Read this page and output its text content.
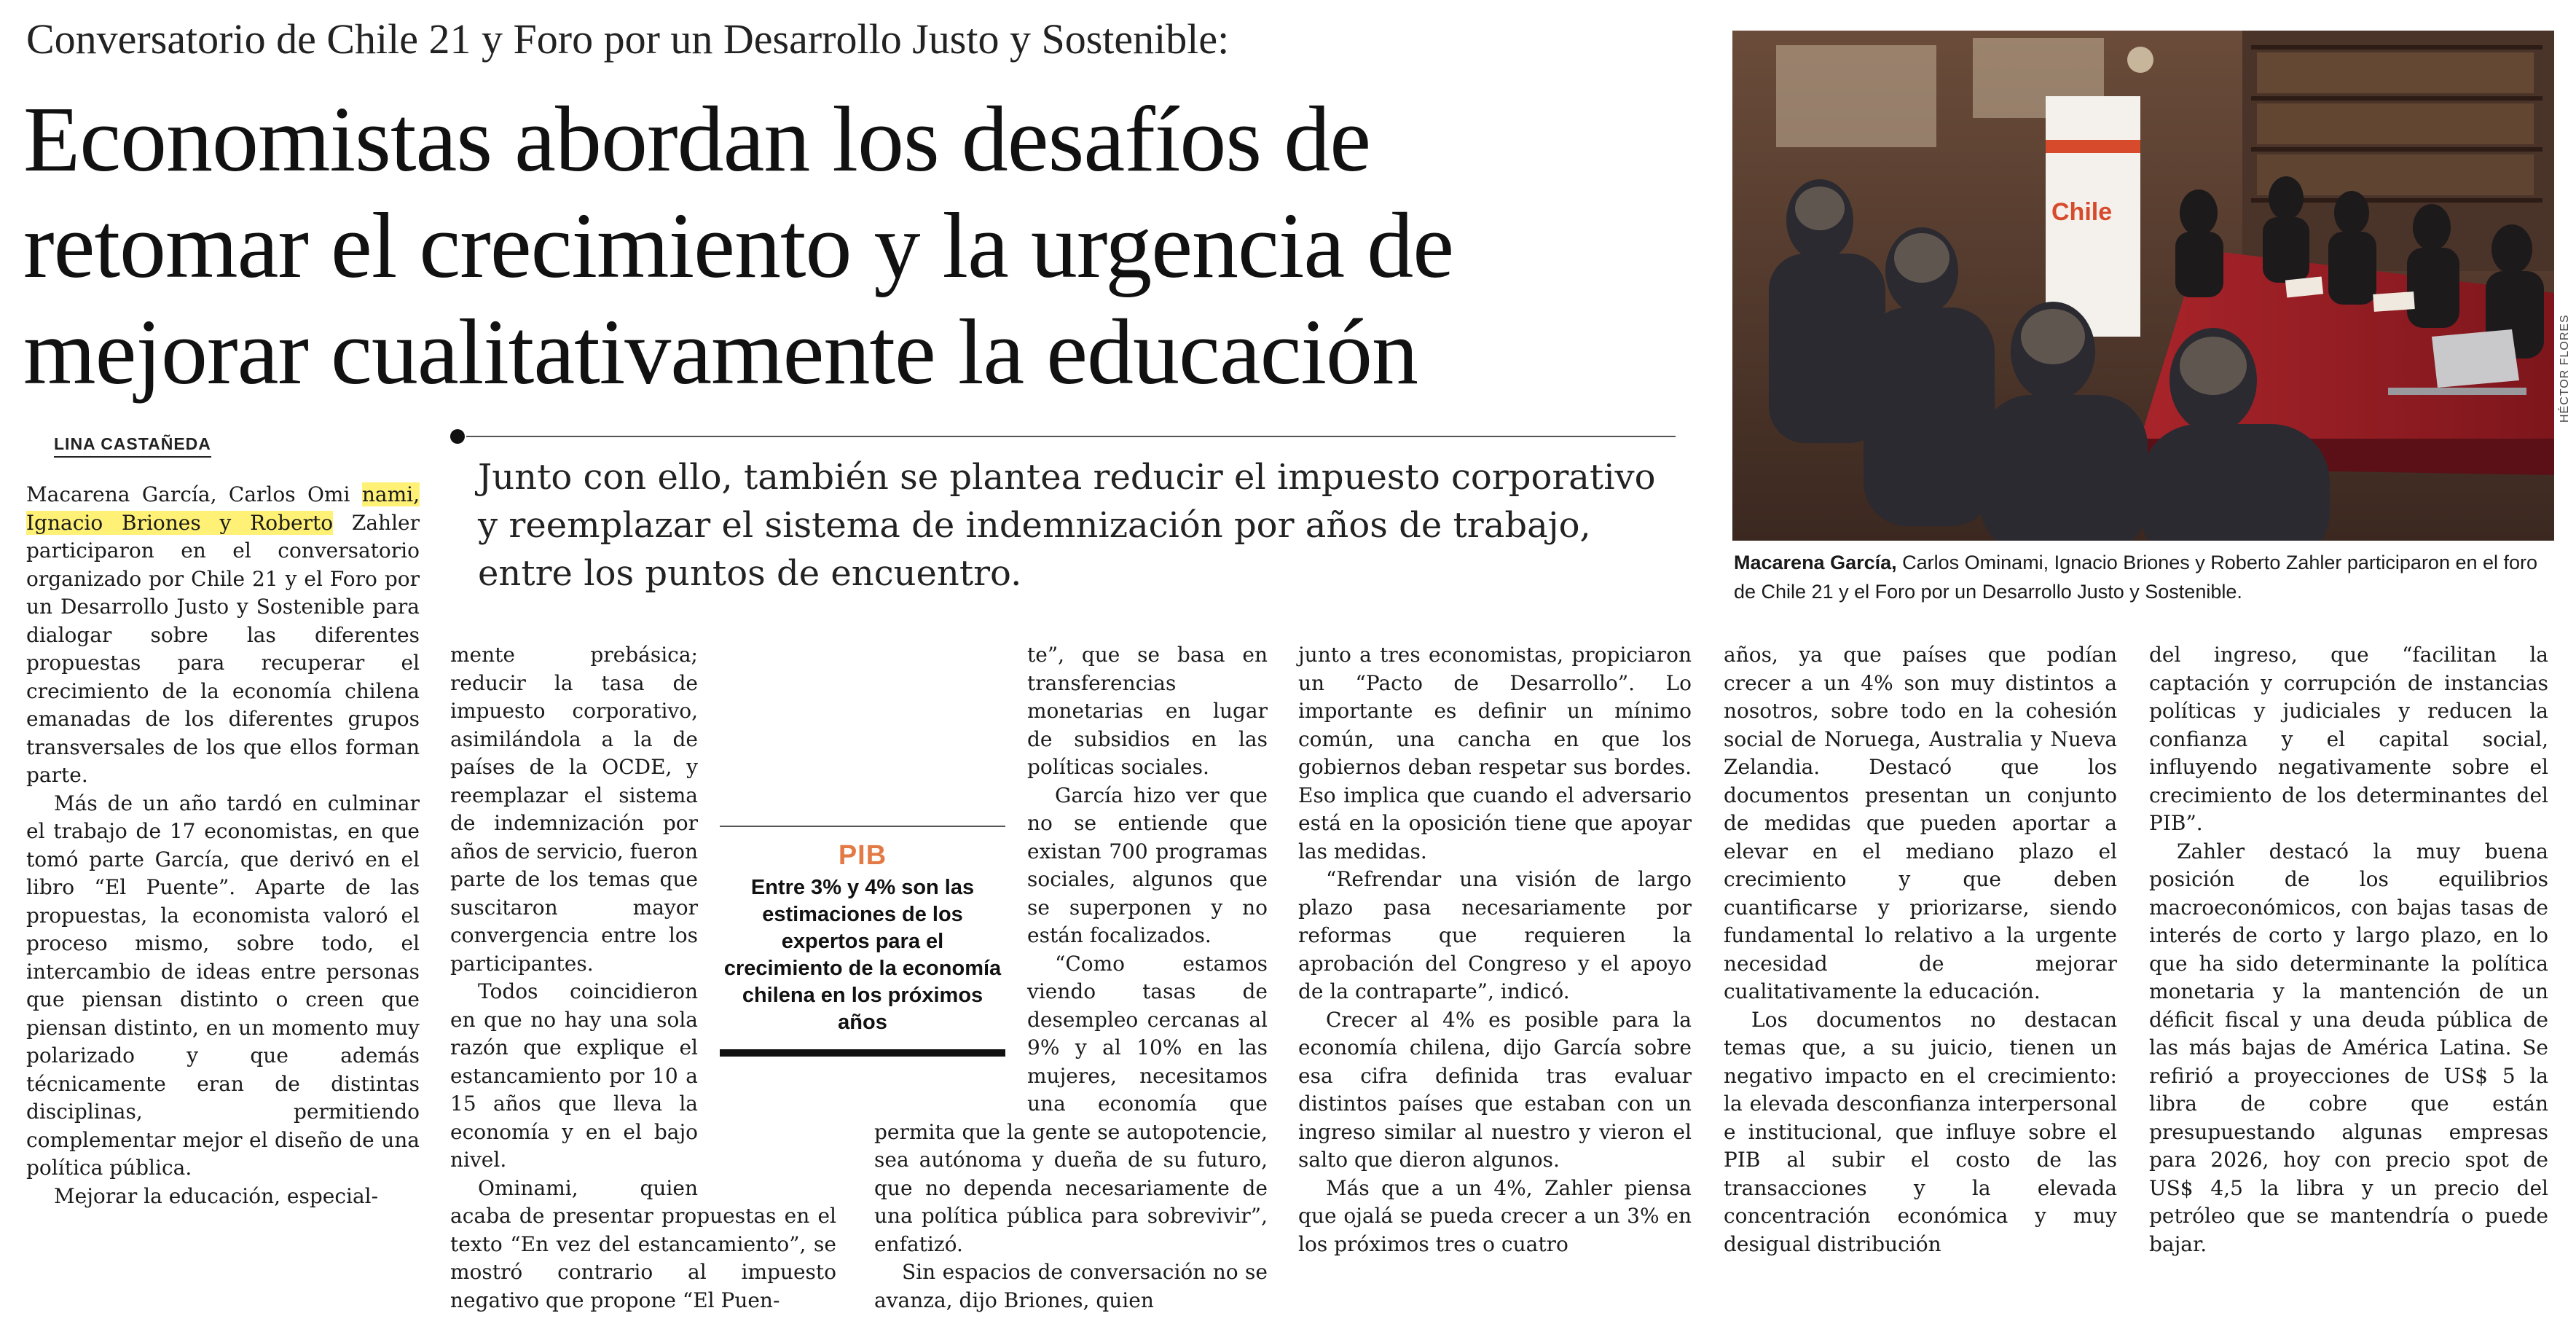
Conversatorio de Chile 21 y Foro por un Desarrollo Justo y Sostenible:
Economistas abordan los desafíos de
retomar el crecimiento y la urgencia de
mejorar cualitativamente la educación
LINA CASTAÑEDA
Junto con ello, también se plantea reducir el impuesto corporativo y reemplazar el sistema de indemnización por años de trabajo, entre los puntos de encuentro.

Macarena García, Carlos Omi nami, Ignacio Briones y Roberto Zahler participaron en el conversatorio organizado por Chile 21 y el Foro por un Desarrollo Justo y Sostenible para dialogar sobre las diferentes propuestas para recuperar el crecimiento de la economía chilena emanadas de los diferentes grupos transversales de los que ellos forman parte.

Más de un año tardó en culminar el trabajo de 17 economistas, en que tomó parte García, que derivó en el libro “El Puente”. Aparte de las propuestas, la economista valoró el proceso mismo, sobre todo, el intercambio de ideas entre personas que piensan distinto o creen que piensan distinto, en un momento muy polarizado y que además técnicamente eran de distintas disciplinas, permitiendo complementar mejor el diseño de una política pública.

Mejorar la educación, especial-

mente prebásica; reducir la tasa de impuesto corporativo, asimilándola a la de países de la OCDE, y reemplazar el sistema de indemnización por años de servicio, fueron parte de los temas que suscitaron mayor convergencia entre los participantes.

Todos coincidieron en que no hay una sola razón que explique el estancamiento por 10 a 15 años que lleva la economía y en el bajo nivel.

Ominami, quien acaba de presentar propuestas en el texto “En vez del estancamiento”, se mostró contrario al impuesto negativo que propone “El Puen-

te”, que se basa en transferencias monetarias en lugar de subsidios en las políticas sociales.

García hizo ver que no se entiende que existan 700 programas sociales, algunos que se superponen y no están focalizados.

“Como estamos viendo tasas de desempleo cercanas al 9% y al 10% en las mujeres, necesitamos una economía que permita que la gente se autopotencie, sea autónoma y dueña de su futuro, que no dependa necesariamente de una política pública para sobrevivir”, enfatizó.

Sin espacios de conversación no se avanza, dijo Briones, quien

PIB
Entre 3% y 4% son las estimaciones de los expertos para el crecimiento de la economía chilena en los próximos años

junto a tres economistas, propiciaron un “Pacto de Desarrollo”. Lo importante es definir un mínimo común, una cancha en que los gobiernos deban respetar sus bordes. Eso implica que cuando el adversario está en la oposición tiene que apoyar las medidas.

“Refrendar una visión de largo plazo pasa necesariamente por reformas que requieren la aprobación del Congreso y el apoyo de la contraparte”, indicó.

Crecer al 4% es posible para la economía chilena, dijo García sobre esa cifra definida tras evaluar distintos países que estaban con un ingreso similar al nuestro y vieron el salto que dieron algunos.

Más que a un 4%, Zahler piensa que ojalá se pueda crecer a un 3% en los próximos tres o cuatro

años, ya que países que podían crecer a un 4% son muy distintos a nosotros, sobre todo en la cohesión social de Noruega, Australia y Nueva Zelandia. Destacó que los documentos presentan un conjunto de medidas que pueden aportar a elevar en el mediano plazo el crecimiento y que deben cuantificarse y priorizarse, siendo fundamental lo relativo a la urgente necesidad de mejorar cualitativamente la educación.

Los documentos no destacan temas que, a su juicio, tienen un negativo impacto en el crecimiento: la elevada desconfianza interpersonal e institucional, que influye sobre el PIB al subir el costo de las transacciones y la elevada concentración económica y muy desigual distribución

del ingreso, que “facilitan la captación y corrupción de instancias políticas y judiciales y reducen la confianza y el capital social, influyendo negativamente sobre el crecimiento de los determinantes del PIB”.

Zahler destacó la muy buena posición de los equilibrios macroeconómicos, con bajas tasas de interés de corto y largo plazo, en lo que ha sido determinante la política monetaria y la mantención de un déficit fiscal y una deuda pública de las más bajas de América Latina. Se refirió a proyecciones de US$ 5 la libra de cobre que están presupuestando algunas empresas para 2026, hoy con precio spot de US$ 4,5 la libra y un precio del petróleo que se mantendría o puede bajar.

Chile
HÉCTOR FLORES
Macarena García, Carlos Ominami, Ignacio Briones y Roberto Zahler participaron en el foro de Chile 21 y el Foro por un Desarrollo Justo y Sostenible.
